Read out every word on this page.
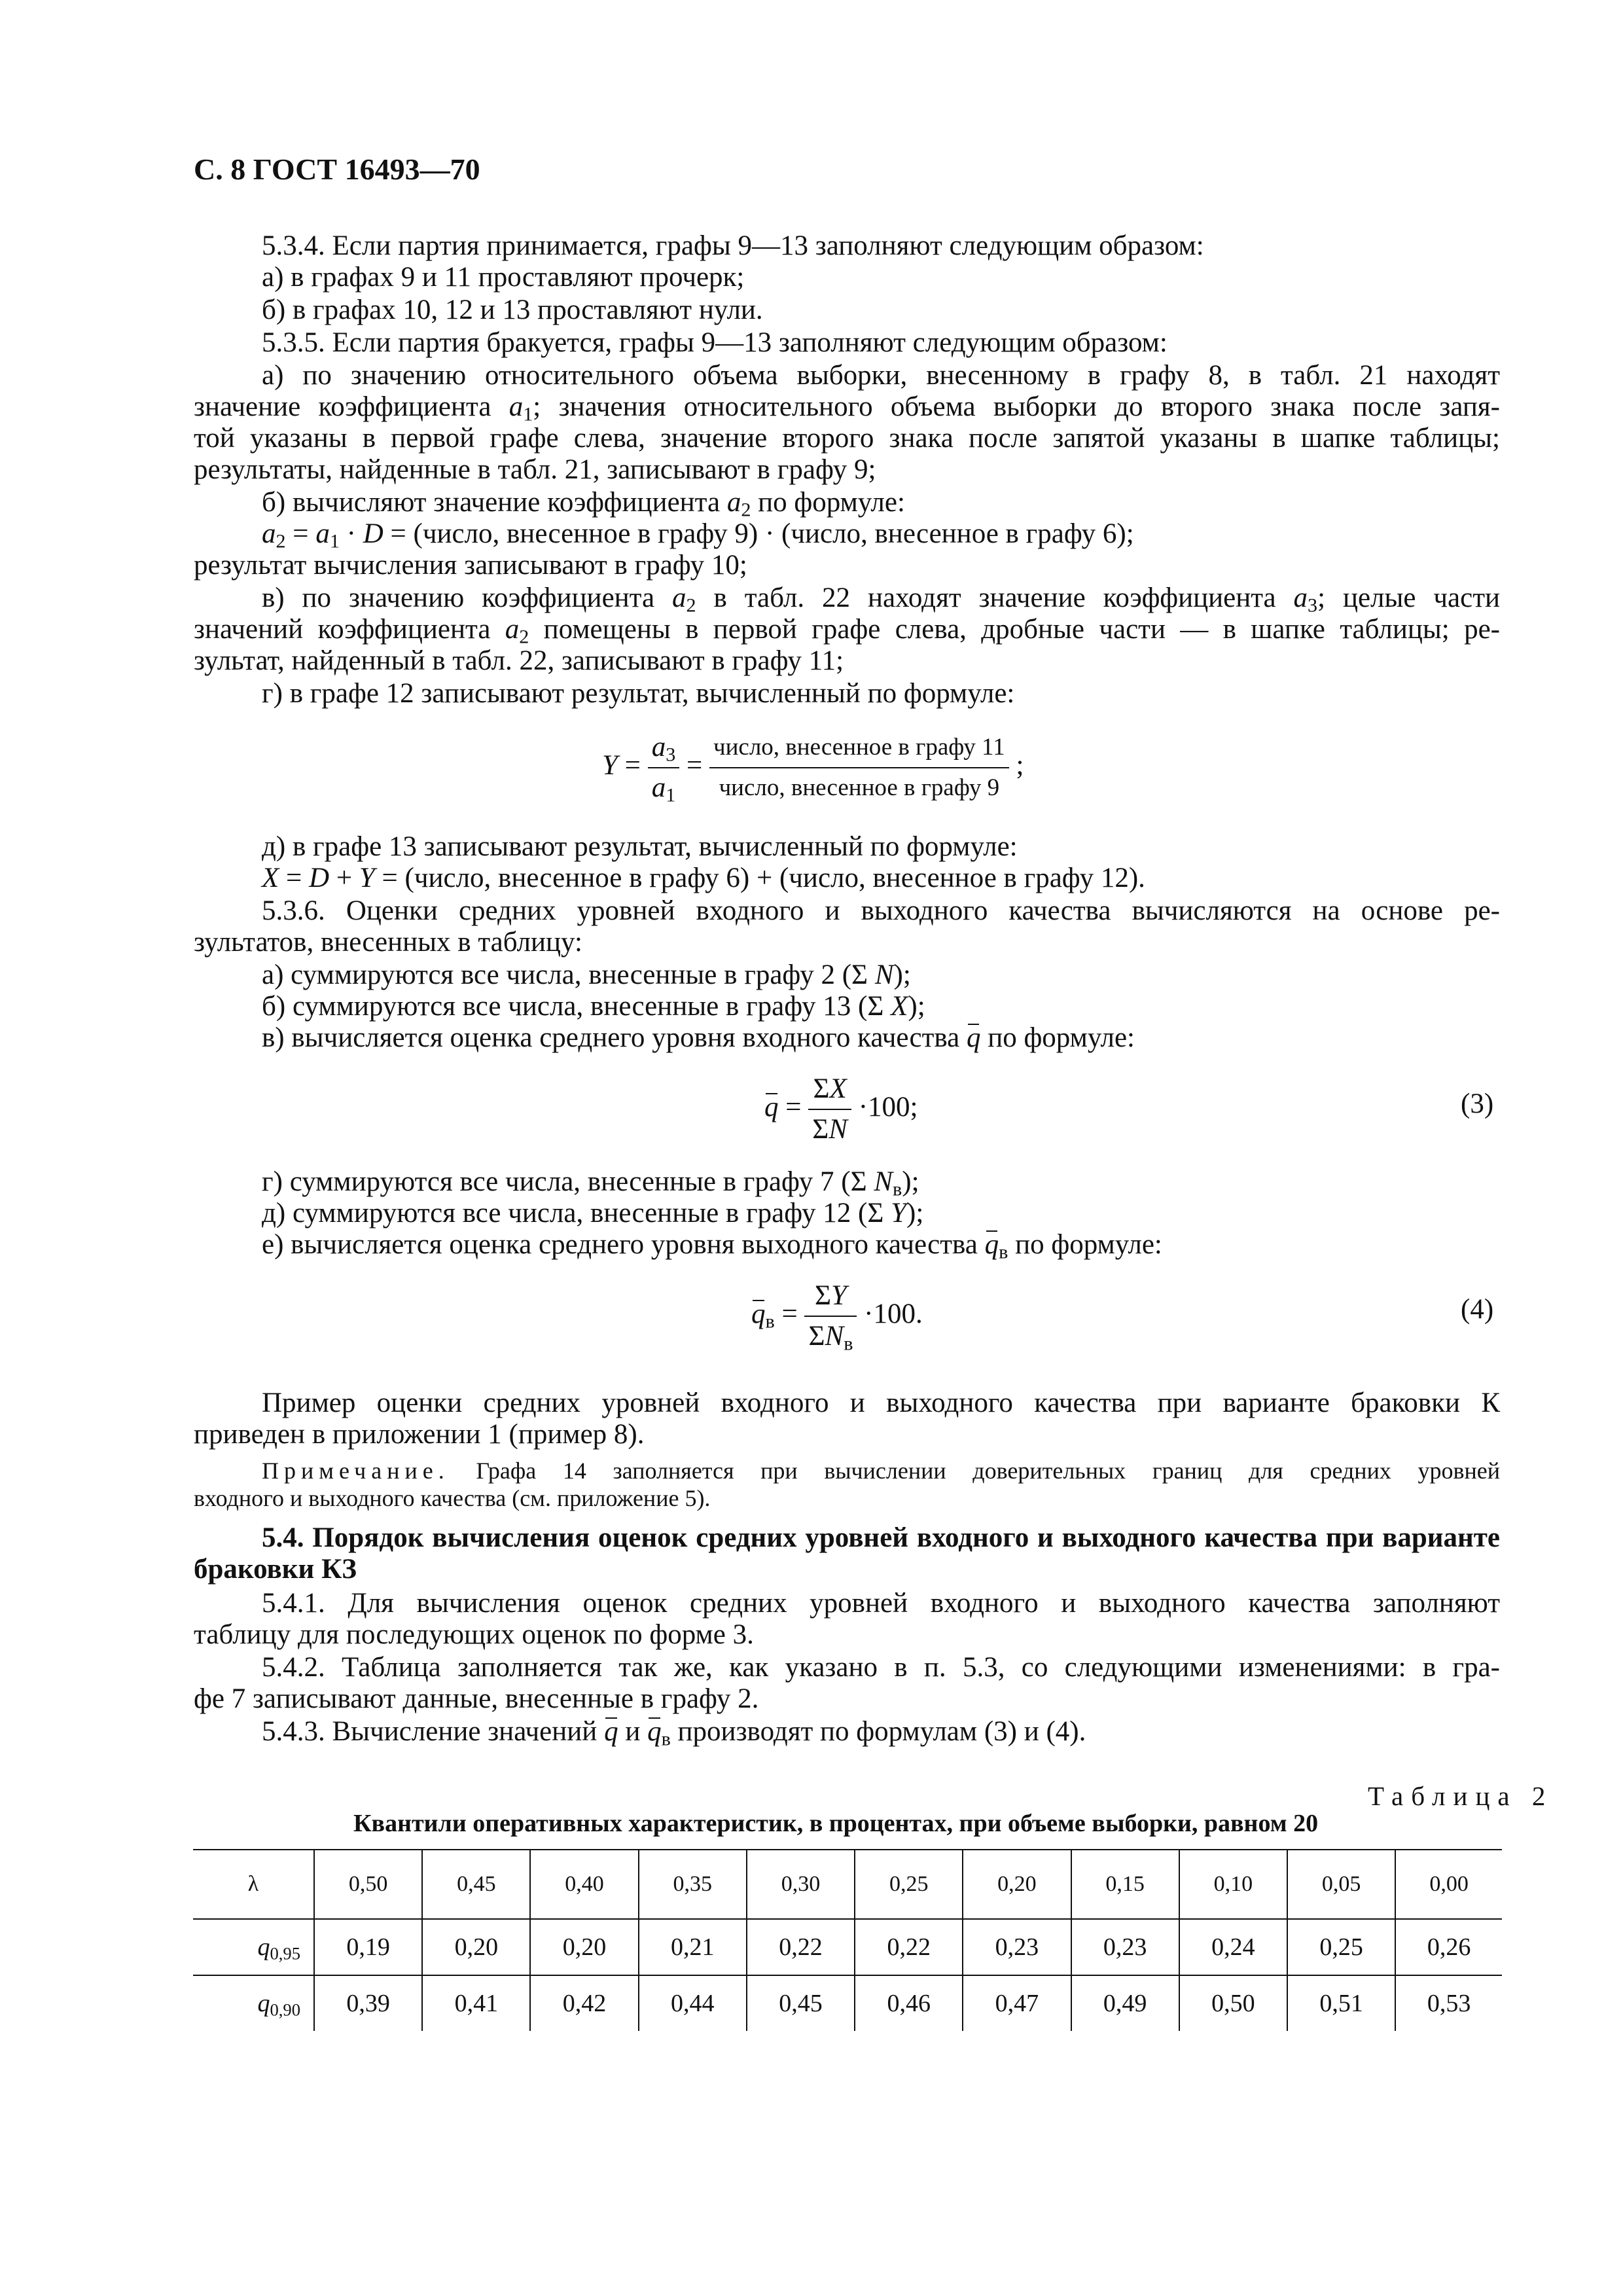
С. 8 ГОСТ 16493—70
5.3.4. Если партия принимается, графы 9—13 заполняют следующим образом:
а) в графах 9 и 11 проставляют прочерк;
б) в графах 10, 12 и 13 проставляют нули.
5.3.5. Если партия бракуется, графы 9—13 заполняют следующим образом:
а) по значению относительного объема выборки, внесенному в графу 8, в табл. 21 находят
значение коэффициента $a_1$; значения относительного объема выборки до второго знака после запя-
той указаны в первой графе слева, значение второго знака после запятой указаны в шапке таблицы;
результаты, найденные в табл. 21, записывают в графу 9;
б) вычисляют значение коэффициента $a_2$ по формуле:
$a_2 = a_1 \cdot D$ = (число, внесенное в графу 9) · (число, внесенное в графу 6);
результат вычисления записывают в графу 10;
в) по значению коэффициента $a_2$ в табл. 22 находят значение коэффициента $a_3$; целые части
значений коэффициента $a_2$ помещены в первой графе слева, дробные части — в шапке таблицы; ре-
зультат, найденный в табл. 22, записывают в графу 11;
г) в графе 12 записывают результат, вычисленный по формуле:
$Y = \frac{a_3}{a_1} = \frac{\text{число, внесенное в графу 11}}{\text{число, внесенное в графу 9}}$ ;
д) в графе 13 записывают результат, вычисленный по формуле:
X = D + Y = (число, внесенное в графу 6) + (число, внесенное в графу 12).
5.3.6. Оценки средних уровней входного и выходного качества вычисляются на основе ре-
зультатов, внесенных в таблицу:
а) суммируются все числа, внесенные в графу 2 (Σ N);
б) суммируются все числа, внесенные в графу 13 (Σ X);
в) вычисляется оценка среднего уровня входного качества q по формуле:
$q = \frac{\Sigma X}{\Sigma N} \cdot 100$;	(3)
г) суммируются все числа, внесенные в графу 7 (Σ $N_в$);
д) суммируются все числа, внесенные в графу 12 (Σ Y);
е) вычисляется оценка среднего уровня выходного качества $q_в$ по формуле:
$q_в = \frac{\Sigma Y}{\Sigma N_в} \cdot 100$.	(4)
Пример оценки средних уровней входного и выходного качества при варианте браковки К
приведен в приложении 1 (пример 8).
Примечание. Графа 14 заполняется при вычислении доверительных границ для средних уровней
входного и выходного качества (см. приложение 5).
5.4. Порядок вычисления оценок средних уровней входного и выходного качества при варианте
браковки КЗ
5.4.1. Для вычисления оценок средних уровней входного и выходного качества заполняют
таблицу для последующих оценок по форме 3.
5.4.2. Таблица заполняется так же, как указано в п. 5.3, со следующими изменениями: в гра-
фе 7 записывают данные, внесенные в графу 2.
5.4.3. Вычисление значений q и $q_в$ производят по формулам (3) и (4).
Таблица 2
Квантили оперативных характеристик, в процентах, при объеме выборки, равном 20
λ	0,50	0,45	0,40	0,35	0,30	0,25	0,20	0,15	0,10	0,05	0,00
$q_{0,95}$	0,19	0,20	0,20	0,21	0,22	0,22	0,23	0,23	0,24	0,25	0,26
$q_{0,90}$	0,39	0,41	0,42	0,44	0,45	0,46	0,47	0,49	0,50	0,51	0,53
